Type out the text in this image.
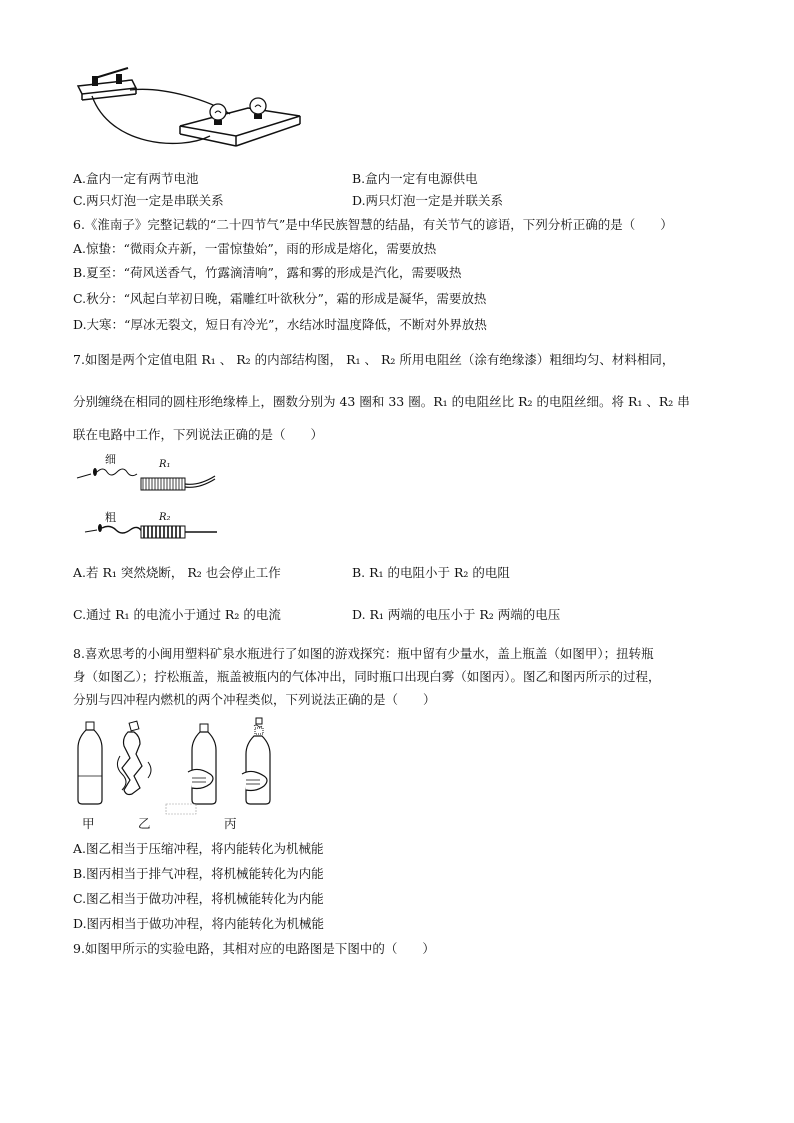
A.盒内一定有两节电池	B.盒内一定有电源供电
C.两只灯泡一定是串联关系	D.两只灯泡一定是并联关系
6.《淮南子》完整记载的“二十四节气”是中华民族智慧的结晶，有关节气的谚语，下列分析正确的是（　　）
A.惊蛰：“微雨众卉新，一雷惊蛰始”，雨的形成是熔化，需要放热
B.夏至：“荷风送香气，竹露滴清响”，露和雾的形成是汽化，需要吸热
C.秋分：“风起白苹初日晚，霜雕红叶欲秋分”，霜的形成是凝华，需要放热
D.大寒：“厚冰无裂文，短日有冷光”，水结冰时温度降低，不断对外界放热
7.如图是两个定值电阻 R₁ 、 R₂ 的内部结构图， R₁ 、 R₂ 所用电阻丝（涂有绝缘漆）粗细均匀、材料相同，
分别缠绕在相同的圆柱形绝缘棒上，圈数分别为 43 圈和 33 圈。R₁ 的电阻丝比 R₂ 的电阻丝细。将 R₁ 、R₂ 串
联在电路中工作，下列说法正确的是（　　）
细	R₁
粗	R₂
A.若 R₁ 突然烧断， R₂ 也会停止工作	B. R₁ 的电阻小于 R₂ 的电阻
C.通过 R₁ 的电流小于通过 R₂ 的电流	D. R₁ 两端的电压小于 R₂ 两端的电压
8.喜欢思考的小闽用塑料矿泉水瓶进行了如图的游戏探究：瓶中留有少量水，盖上瓶盖（如图甲）；扭转瓶
身（如图乙）；拧松瓶盖，瓶盖被瓶内的气体冲出，同时瓶口出现白雾（如图丙）。图乙和图丙所示的过程，
分别与四冲程内燃机的两个冲程类似，下列说法正确的是（　　）
甲	乙	丙
A.图乙相当于压缩冲程，将内能转化为机械能
B.图丙相当于排气冲程，将机械能转化为内能
C.图乙相当于做功冲程，将机械能转化为内能
D.图丙相当于做功冲程，将内能转化为机械能
9.如图甲所示的实验电路，其相对应的电路图是下图中的（　　）
